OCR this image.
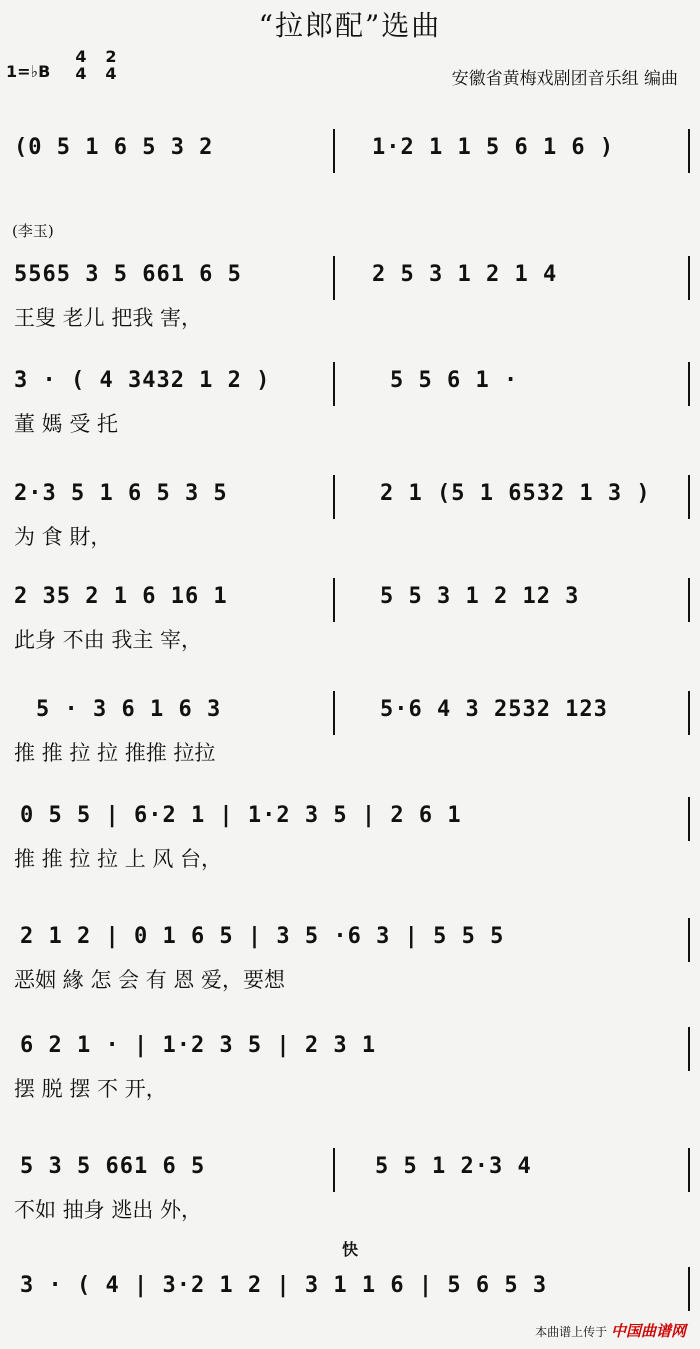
“拉郎配”选曲
1=♭B
4
4
2
4	安徽省黄梅戏剧团音乐组 编曲
(0 5 1 6 5 3 2	1·2 1 1 5 6 1 6 )
(李玉)
5565 3 5 661 6 5	2 5 3 1 2 1 4
王叟 老儿 把我 害，
3 · ( 4 3432 1 2 )	5 5 6 1 ·
董 媽 受 托
2·3 5 1 6 5 3 5	2 1 (5 1 6532 1 3 )
为 食 財，
2 35 2 1 6 16 1	5 5 3 1 2 12 3
此身 不由 我主 宰，
5 · 3 6 1 6 3	5·6 4 3 2532 123
推 推 拉 拉 推推 拉拉
0 5 5 | 6·2 1 | 1·2 3 5 | 2 6 1
推 推 拉 拉 上 风 台，
2 1 2 | 0 1 6 5 | 3 5 ·6 3 | 5 5 5
恶姻 緣 怎 会 有 恩 爱，要想
6 2 1 · | 1·2 3 5 | 2 3 1
摆 脱 摆 不 开，
5 3 5 661 6 5	5 5 1 2·3 4
不如 抽身 逃出 外，
快
3 · ( 4 | 3·2 1 2 | 3 1 1 6 | 5 6 5 3
本曲谱上传于 中国曲谱网
